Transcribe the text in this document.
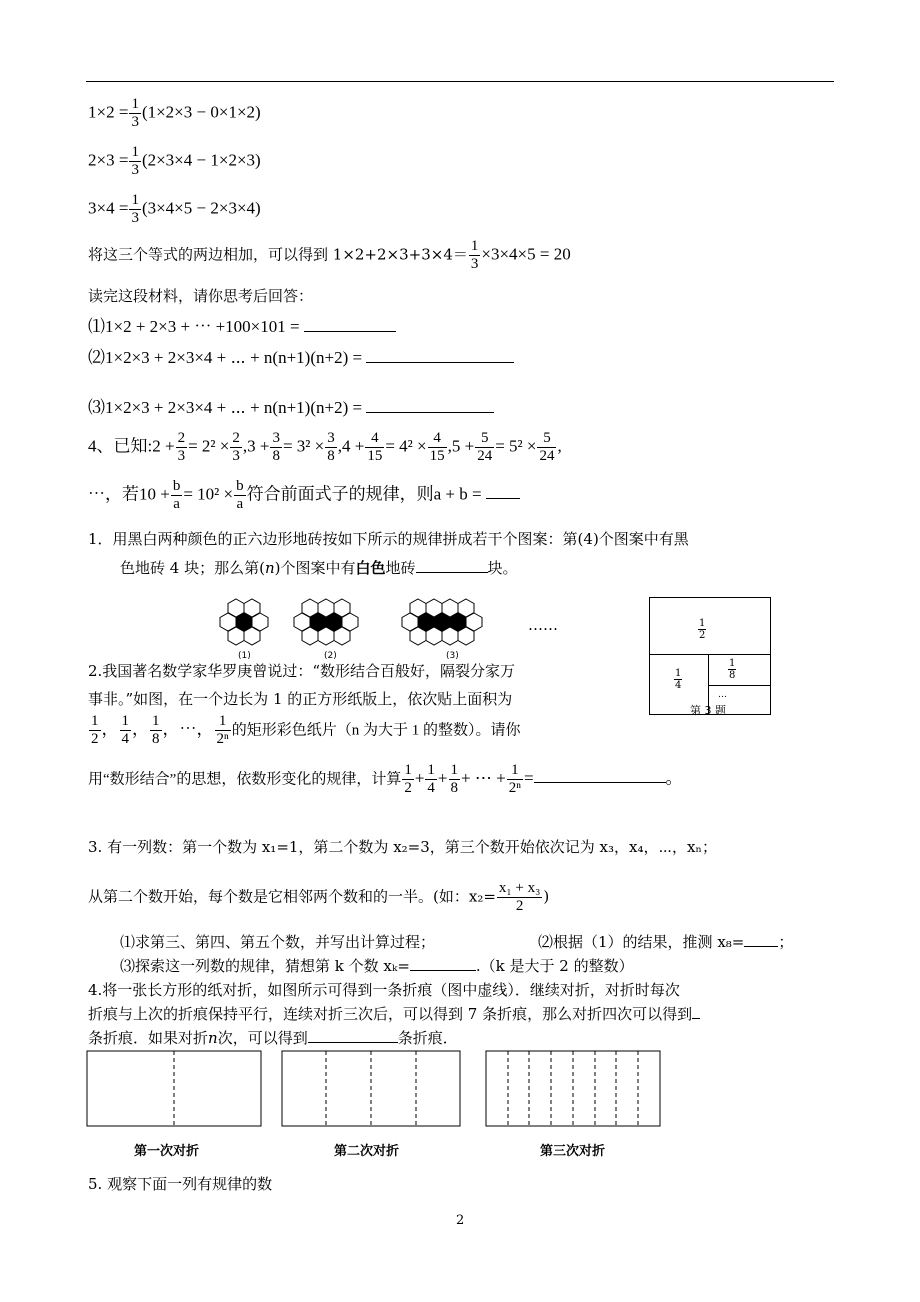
$1\times 2 = \frac{1}{3} (1\times 2\times 3 - 0\times 1\times 2)$
$2\times 3 = \frac{1}{3} (2\times 3\times 4 - 1\times 2\times 3)$
$3\times 4 = \frac{1}{3} (3\times 4\times 5 - 2\times 3\times 4)$
将这三个等式的两边相加，可以得到 $1\times 2+2\times 3+3\times 4= \frac{1}{3} \times 3\times 4\times 5 = 20$
读完这段材料，请你思考后回答：
⑴1×2 + 2×3 + ⋯ +100×101 =
⑵1×2×3 + 2×3×4 + ⋯ + n(n+1)(n+2) =
⑶1×2×3 + 2×3×4 + ⋯ + n(n+1)(n+2) =
4、已知:2 + $\frac{2}{3} = 2^2 \times \frac{2}{3} ,3 + \frac{3}{8} = 3^2 \times \frac{3}{8} ,4 + \frac{4}{15} = 4^2 \times \frac{4}{15} ,5 + \frac{5}{24} = 5^2 \times \frac{5}{24}$ ,
⋯，若$10 + \frac{b}{a} = 10^2 \times \frac{b}{a}$ 符合前面式子的规律，则a + b =
1．用黑白两种颜色的正六边形地砖按如下所示的规律拼成若干个图案：第(4)个图案中有黑
色地砖 4 块；那么第(n)个图案中有白色地砖	块。
(1)	(2)	(3)
……	1
2
1
4
1
8
…
第 3 题
2.我国著名数学家华罗庚曾说过：“数形结合百般好，隔裂分家万
事非。”如图，在一个边长为 1 的正方形纸版上，依次贴上面积为
$\frac{1}{2}$ ， $\frac{1}{4}$ ， $\frac{1}{8}$ ，⋯， $\frac{1}{\text{2ⁿ}}$ 的矩形彩色纸片（n 为大于 1 的整数）。请你
用“数形结合”的思想，依数形变化的规律，计算 $\frac{1}{2} + \frac{1}{4} + \frac{1}{8}$ + ⋯ + $\frac{1}{\text{2ⁿ}}$ =	。
3. 有一列数：第一个数为 x₁=1，第二个数为 x₂=3，第三个数开始依次记为 x₃，x₄，⋯，xₙ；
从第二个数开始，每个数是它相邻两个数和的一半。(如：$x_2= \frac{\text{x₁ + x₃}}{2}$ )
⑴求第三、第四、第五个数，并写出计算过程；	⑵根据（1）的结果，推测 x₈= ；
⑶探索这一列数的规律，猜想第 k 个数 xₖ=	.（k 是大于 2 的整数）
4.将一张长方形的纸对折，如图所示可得到一条折痕（图中虚线）．继续对折，对折时每次
折痕与上次的折痕保持平行，连续对折三次后，可以得到 7 条折痕，那么对折四次可以得到
条折痕．如果对折n次，可以得到	条折痕．
第一次对折	第二次对折	第三次对折
5. 观察下面一列有规律的数
2
